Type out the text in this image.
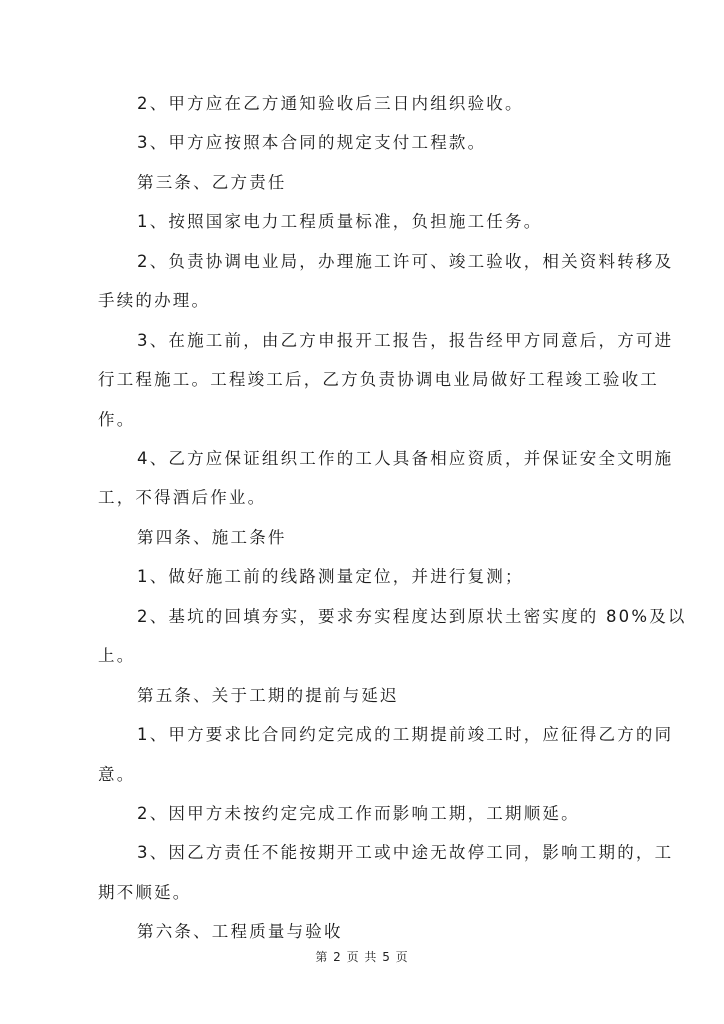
2、甲方应在乙方通知验收后三日内组织验收。
3、甲方应按照本合同的规定支付工程款。
第三条、乙方责任
1、按照国家电力工程质量标准，负担施工任务。
2、负责协调电业局，办理施工许可、竣工验收，相关资料转移及
手续的办理。
3、在施工前，由乙方申报开工报告，报告经甲方同意后，方可进
行工程施工。工程竣工后，乙方负责协调电业局做好工程竣工验收工
作。
4、乙方应保证组织工作的工人具备相应资质，并保证安全文明施
工，不得酒后作业。
第四条、施工条件
1、做好施工前的线路测量定位，并进行复测；
2、基坑的回填夯实，要求夯实程度达到原状土密实度的 80%及以
上。
第五条、关于工期的提前与延迟
1、甲方要求比合同约定完成的工期提前竣工时，应征得乙方的同
意。
2、因甲方未按约定完成工作而影响工期，工期顺延。
3、因乙方责任不能按期开工或中途无故停工同，影响工期的，工
期不顺延。
第六条、工程质量与验收
第 2 页 共 5 页
